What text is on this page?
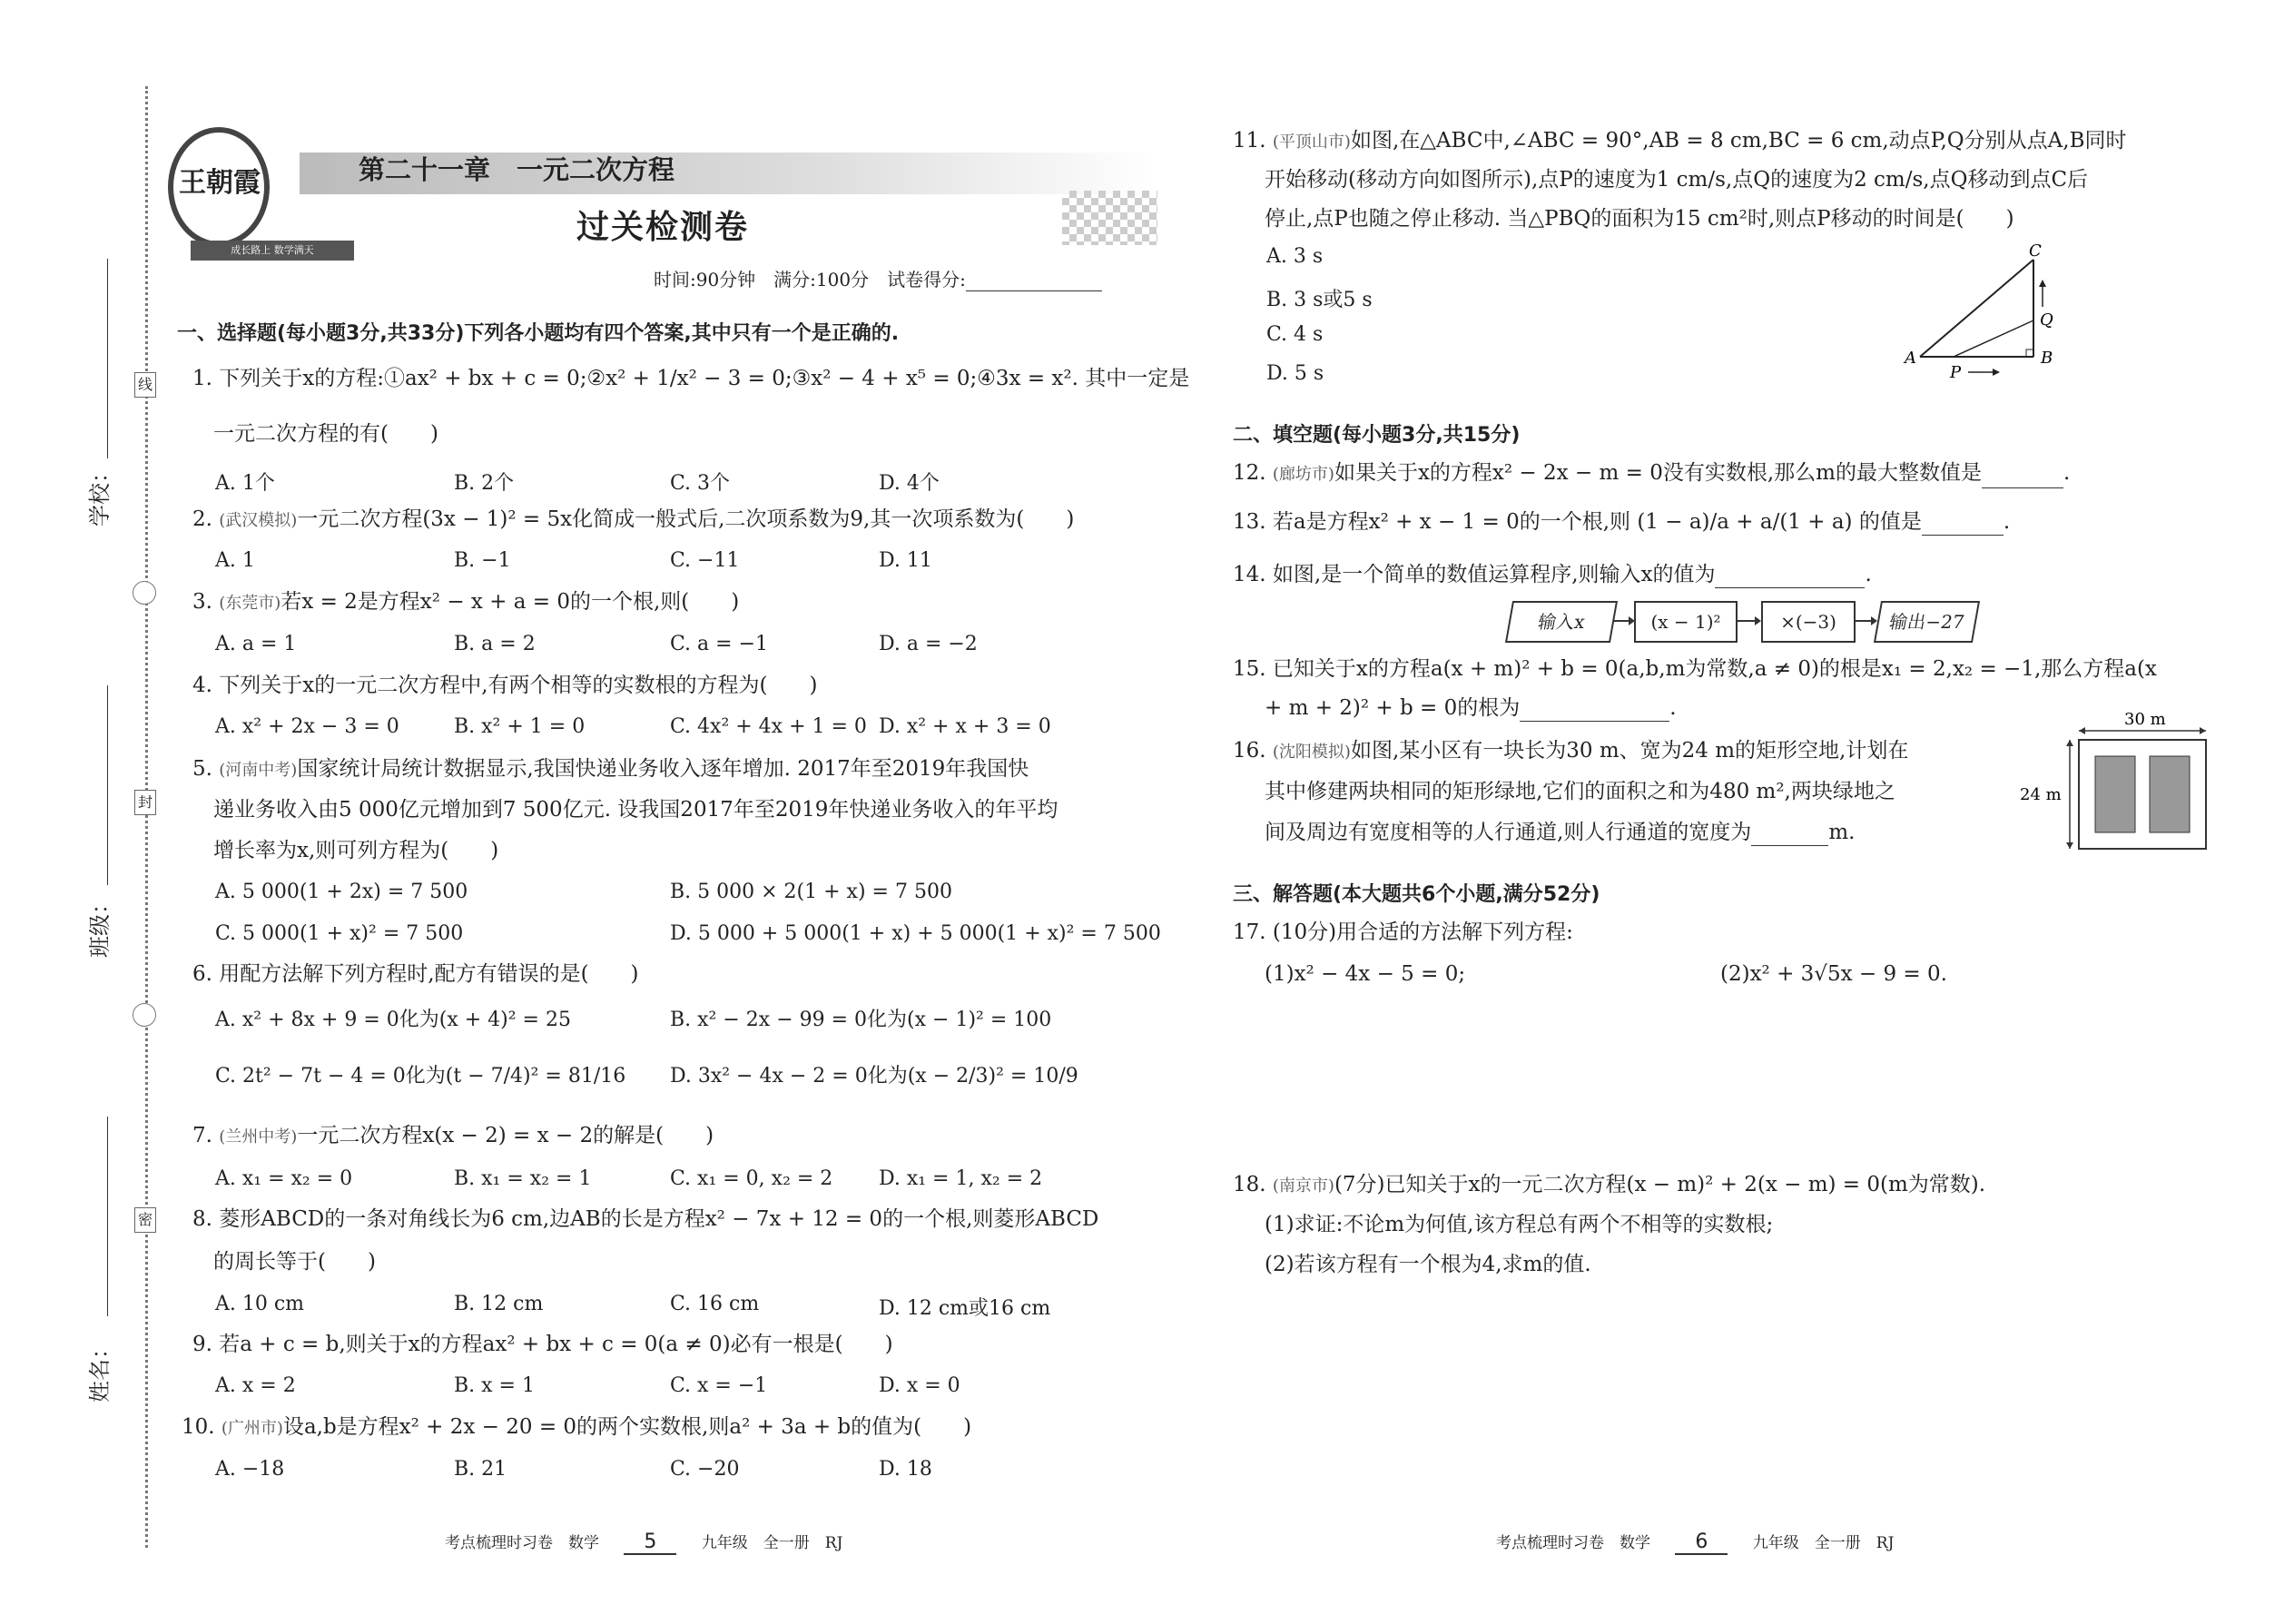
线
封
密
学校：
班级：
姓名：
王朝霞
成长路上 数学满天
第二十一章　一元二次方程
过关检测卷
时间:90分钟　满分:100分　试卷得分:
一、选择题(每小题3分,共33分)下列各小题均有四个答案,其中只有一个是正确的.
1. 下列关于x的方程:①ax² + bx + c = 0;②x² + 1/x² − 3 = 0;③x² − 4 + x⁵ = 0;④3x = x². 其中一定是
一元二次方程的有(　　)
A. 1个	B. 2个	C. 3个	D. 4个
2. (武汉模拟)一元二次方程(3x − 1)² = 5x化简成一般式后,二次项系数为9,其一次项系数为(　　)
A. 1	B. −1	C. −11	D. 11
3. (东莞市)若x = 2是方程x² − x + a = 0的一个根,则(　　)
A. a = 1	B. a = 2	C. a = −1	D. a = −2
4. 下列关于x的一元二次方程中,有两个相等的实数根的方程为(　　)
A. x² + 2x − 3 = 0	B. x² + 1 = 0	C. 4x² + 4x + 1 = 0 D. x² + x + 3 = 0
5. (河南中考)国家统计局统计数据显示,我国快递业务收入逐年增加. 2017年至2019年我国快
递业务收入由5 000亿元增加到7 500亿元. 设我国2017年至2019年快递业务收入的年平均
增长率为x,则可列方程为(　　)
A. 5 000(1 + 2x) = 7 500	B. 5 000 × 2(1 + x) = 7 500
C. 5 000(1 + x)² = 7 500	D. 5 000 + 5 000(1 + x) + 5 000(1 + x)² = 7 500
6. 用配方法解下列方程时,配方有错误的是(　　)
A. x² + 8x + 9 = 0化为(x + 4)² = 25	B. x² − 2x − 99 = 0化为(x − 1)² = 100
C. 2t² − 7t − 4 = 0化为(t − 7/4)² = 81/16 D. 3x² − 4x − 2 = 0化为(x − 2/3)² = 10/9
7. (兰州中考)一元二次方程x(x − 2) = x − 2的解是(　　)
A. x₁ = x₂ = 0	B. x₁ = x₂ = 1	C. x₁ = 0, x₂ = 2 D. x₁ = 1, x₂ = 2
8. 菱形ABCD的一条对角线长为6 cm,边AB的长是方程x² − 7x + 12 = 0的一个根,则菱形ABCD
的周长等于(　　)
A. 10 cm	B. 12 cm	C. 16 cm	D. 12 cm或16 cm
9. 若a + c = b,则关于x的方程ax² + bx + c = 0(a ≠ 0)必有一根是(　　)
A. x = 2	B. x = 1	C. x = −1	D. x = 0
10. (广州市)设a,b是方程x² + 2x − 20 = 0的两个实数根,则a² + 3a + b的值为(　　)
A. −18	B. 21	C. −20	D. 18
考点梳理时习卷　数学 5	九年级　全一册　RJ
11. (平顶山市)如图,在△ABC中,∠ABC = 90°,AB = 8 cm,BC = 6 cm,动点P,Q分别从点A,B同时
开始移动(移动方向如图所示),点P的速度为1 cm/s,点Q的速度为2 cm/s,点Q移动到点C后
停止,点P也随之停止移动. 当△PBQ的面积为15 cm²时,则点P移动的时间是(　　)
A. 3 s
B. 3 s或5 s
C. 4 s
D. 5 s
A	B
C
P
Q
二、填空题(每小题3分,共15分)
12. (廊坊市)如果关于x的方程x² − 2x − m = 0没有实数根,那么m的最大整数值是	.
13. 若a是方程x² + x − 1 = 0的一个根,则 (1 − a)/a + a/(1 + a) 的值是	.
14. 如图,是一个简单的数值运算程序,则输入x的值为	.
输入x	(x − 1)²	×(−3)	输出−27
15. 已知关于x的方程a(x + m)² + b = 0(a,b,m为常数,a ≠ 0)的根是x₁ = 2,x₂ = −1,那么方程a(x
+ m + 2)² + b = 0的根为	.
16. (沈阳模拟)如图,某小区有一块长为30 m、宽为24 m的矩形空地,计划在
其中修建两块相同的矩形绿地,它们的面积之和为480 m²,两块绿地之
间及周边有宽度相等的人行通道,则人行通道的宽度为	m.
30 m
24 m
三、解答题(本大题共6个小题,满分52分)
17. (10分)用合适的方法解下列方程:
(1)x² − 4x − 5 = 0;	(2)x² + 3√5x − 9 = 0.
18. (南京市)(7分)已知关于x的一元二次方程(x − m)² + 2(x − m) = 0(m为常数).
(1)求证:不论m为何值,该方程总有两个不相等的实数根;
(2)若该方程有一个根为4,求m的值.
考点梳理时习卷　数学 6	九年级　全一册　RJ
